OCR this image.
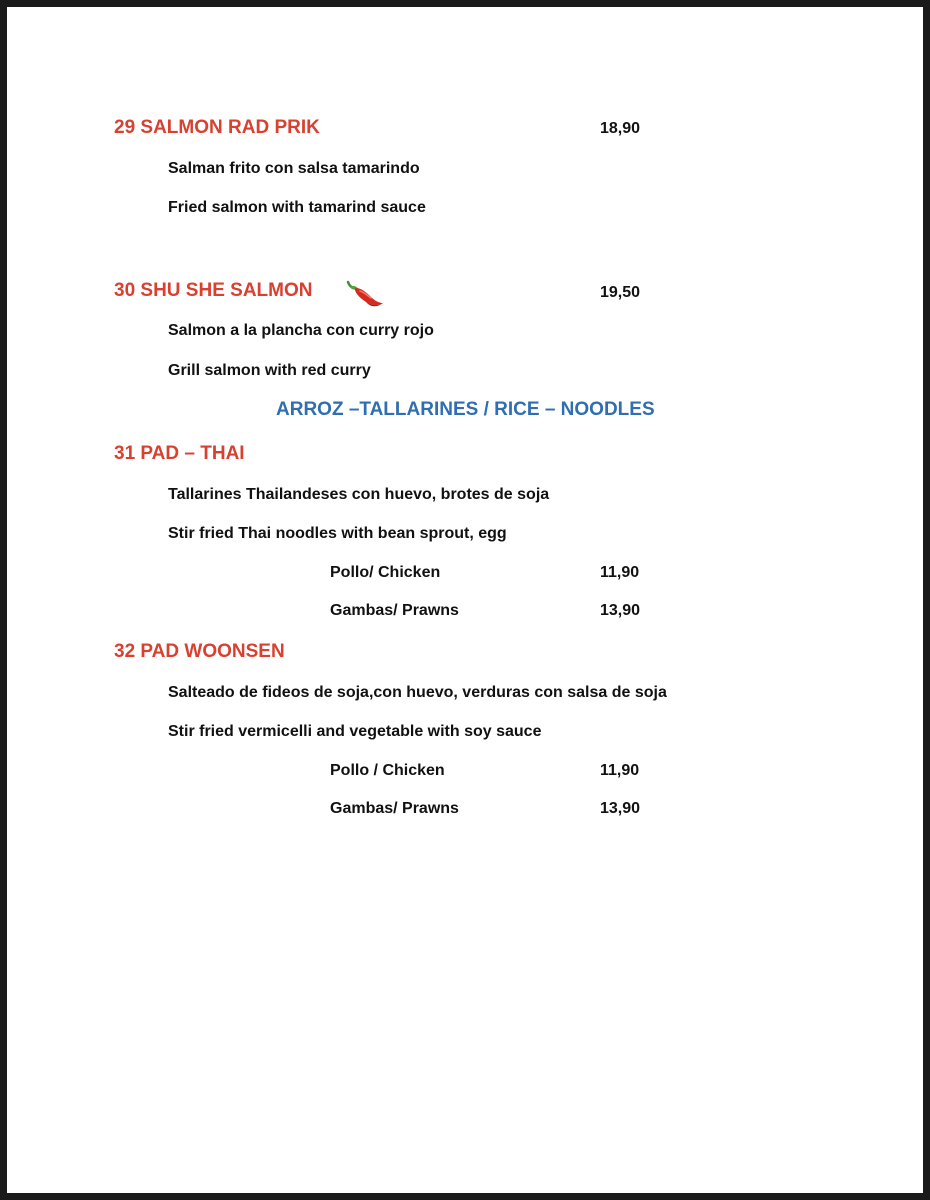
29 SALMON RAD PRIK	18,90
Salman frito con salsa tamarindo
Fried salmon with tamarind sauce
30 SHU SHE SALMON	19,50
Salmon a la plancha con curry rojo
Grill salmon with red curry
ARROZ –TALLARINES / RICE – NOODLES
31 PAD – THAI
Tallarines Thailandeses con huevo, brotes de soja
Stir fried Thai noodles with bean sprout, egg
Pollo/ Chicken	11,90
Gambas/ Prawns	13,90
32 PAD WOONSEN
Salteado de fideos de soja,con huevo, verduras con salsa de soja
Stir fried vermicelli and vegetable with soy sauce
Pollo / Chicken	11,90
Gambas/ Prawns	13,90
